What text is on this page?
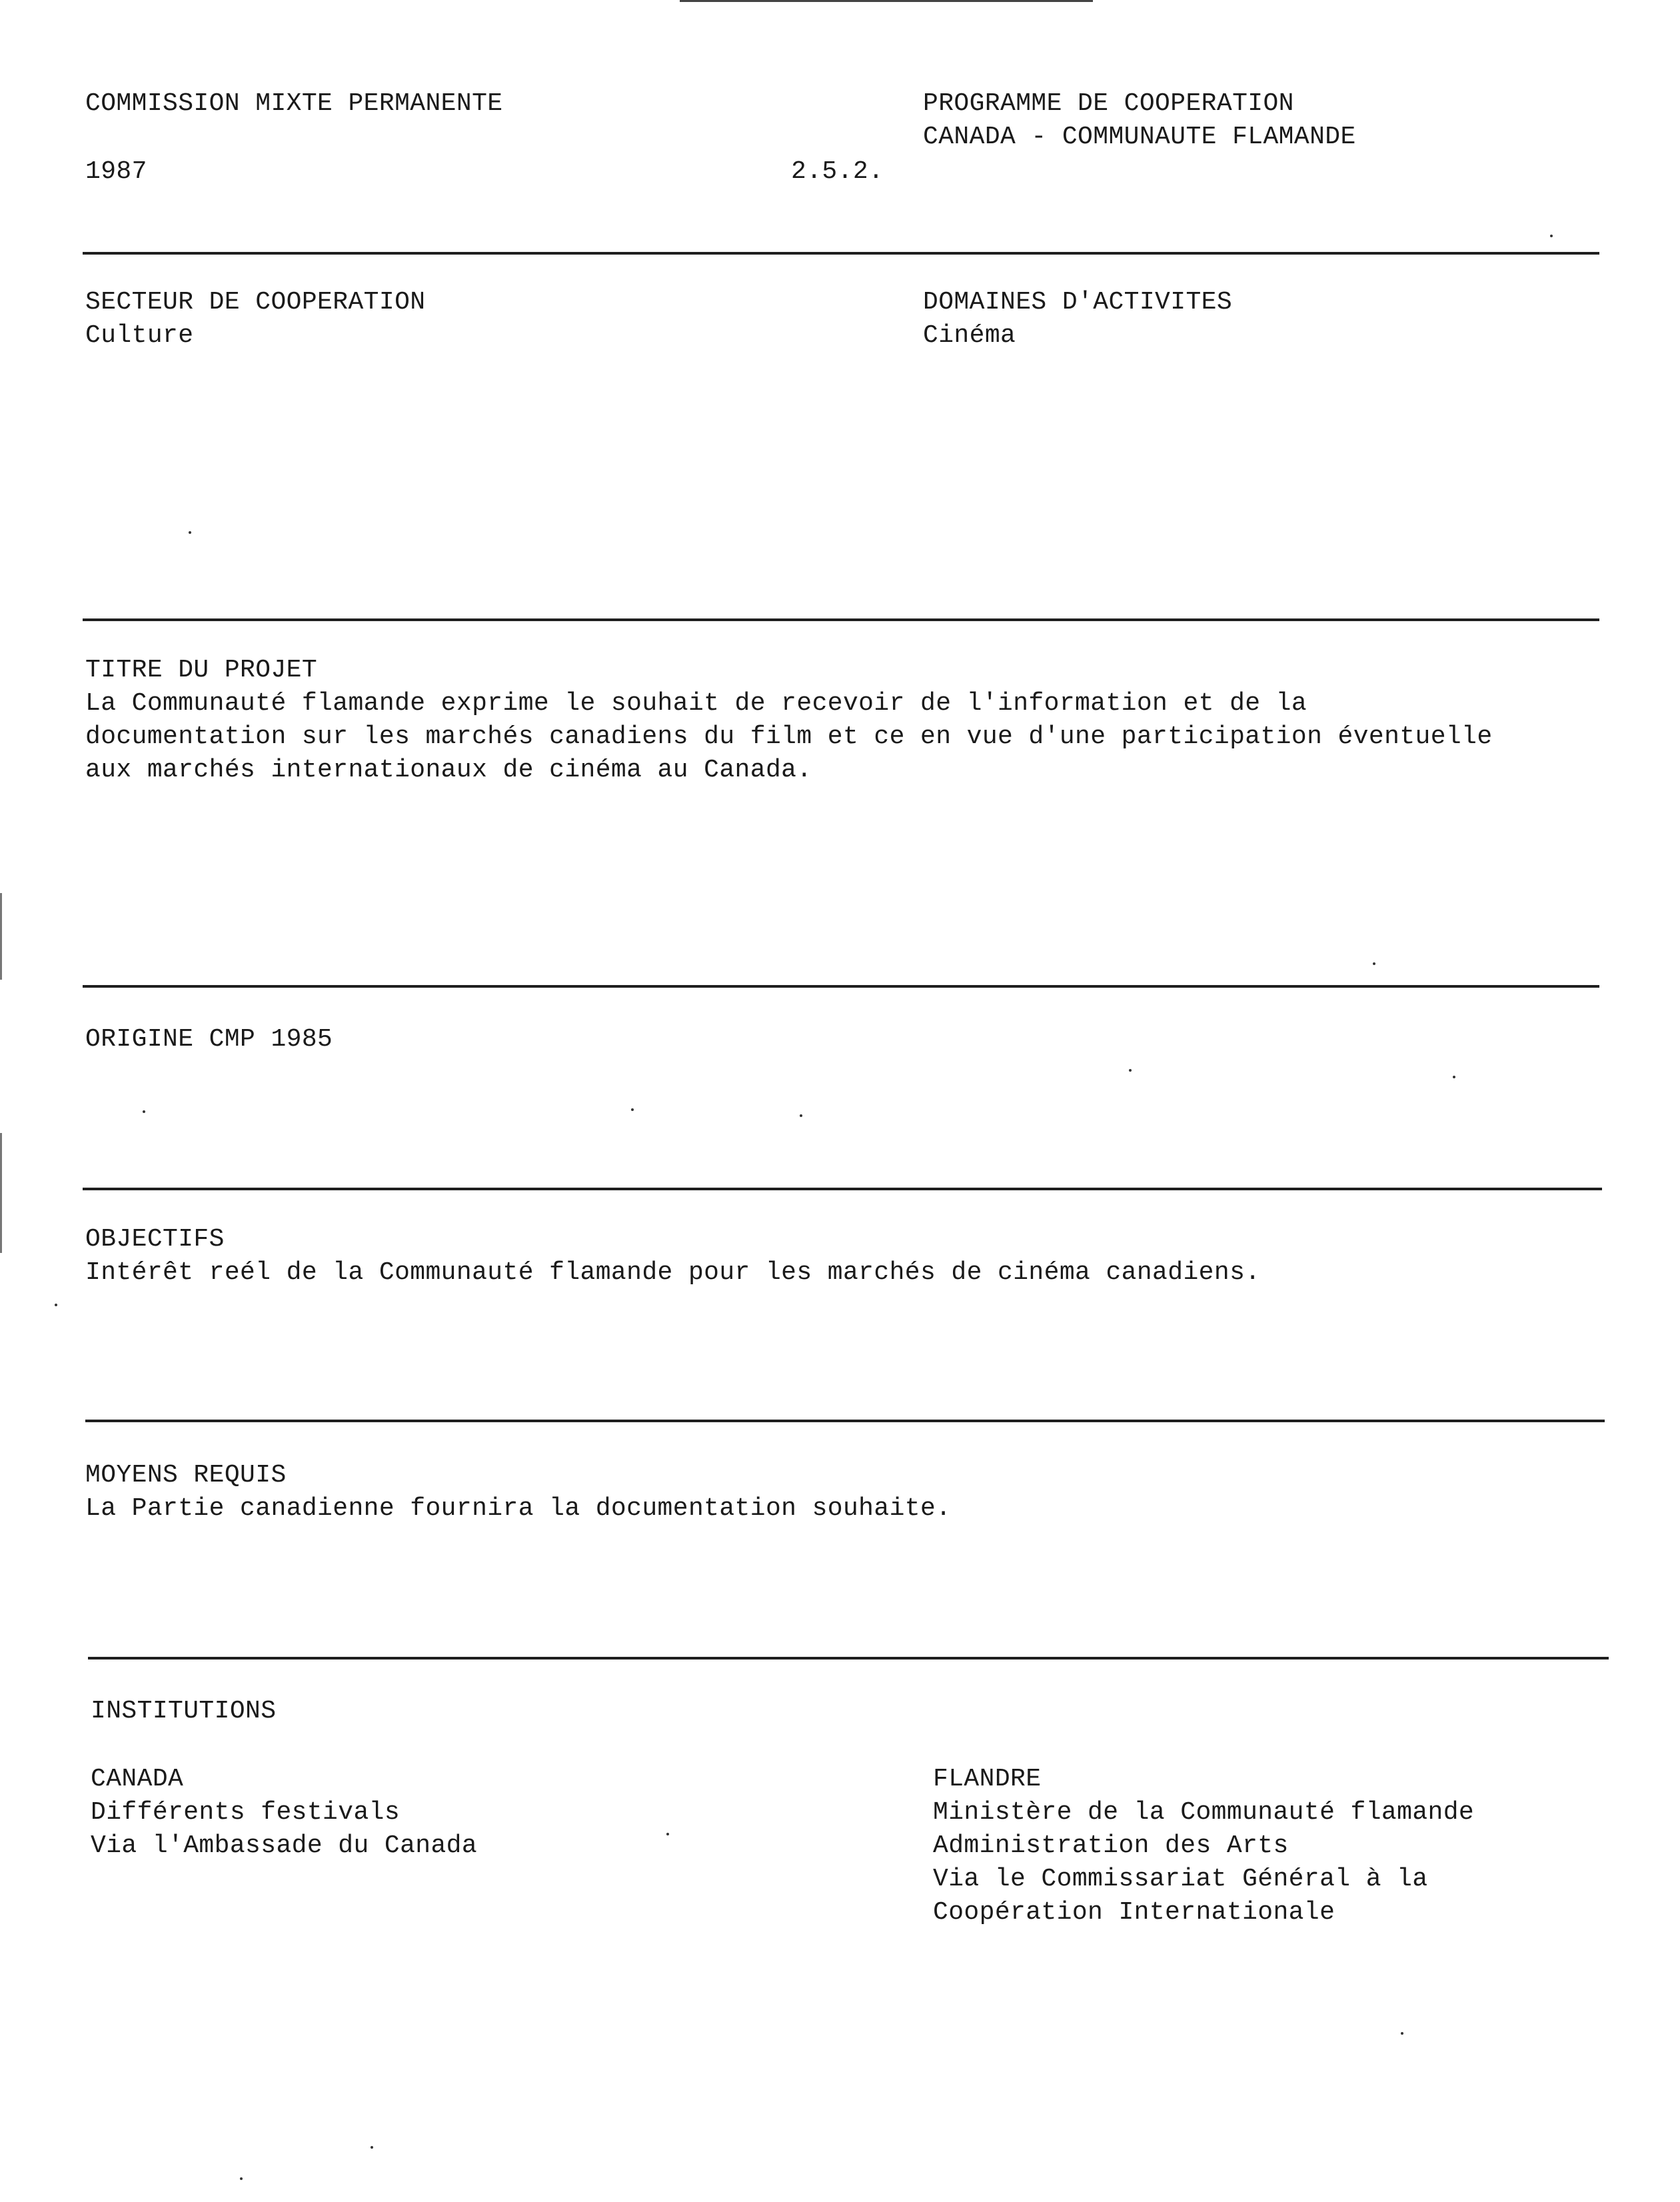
COMMISSION MIXTE PERMANENTE
1987	2.5.2.
PROGRAMME DE COOPERATION
CANADA - COMMUNAUTE FLAMANDE
SECTEUR DE COOPERATION
Culture
DOMAINES D'ACTIVITES
Cinéma
TITRE DU PROJET
La Communauté flamande exprime le souhait de recevoir de l'information et de la
documentation sur les marchés canadiens du film et ce en vue d'une participation éventuelle
aux marchés internationaux de cinéma au Canada.
ORIGINE CMP 1985
OBJECTIFS
Intérêt reél de la Communauté flamande pour les marchés de cinéma canadiens.
MOYENS REQUIS
La Partie canadienne fournira la documentation souhaite.
INSTITUTIONS
CANADA
Différents festivals
Via l'Ambassade du Canada
FLANDRE
Ministère de la Communauté flamande
Administration des Arts
Via le Commissariat Général à la
Coopération Internationale
